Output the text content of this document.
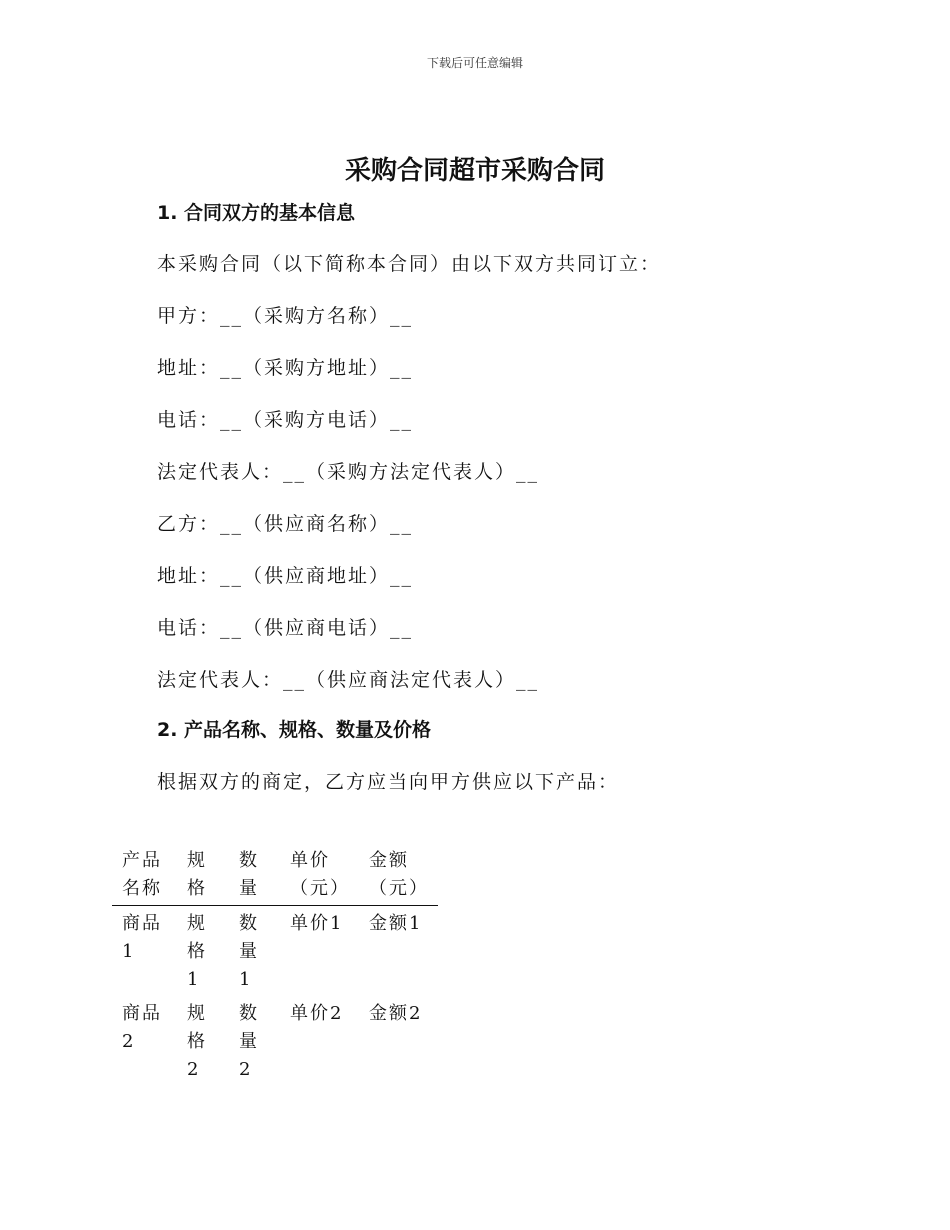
下载后可任意编辑
采购合同超市采购合同
1. 合同双方的基本信息
本采购合同（以下简称本合同）由以下双方共同订立：
甲方：__（采购方名称）__
地址：__（采购方地址）__
电话：__（采购方电话）__
法定代表人：__（采购方法定代表人）__
乙方：__（供应商名称）__
地址：__（供应商地址）__
电话：__（供应商电话）__
法定代表人：__（供应商法定代表人）__
2. 产品名称、规格、数量及价格
根据双方的商定，乙方应当向甲方供应以下产品：
产品名称
规格
数量
单价（元）
金额（元）
商品1
规格1
数量1
单价1	金额1
商品2
规格2
数量2
单价2	金额2
